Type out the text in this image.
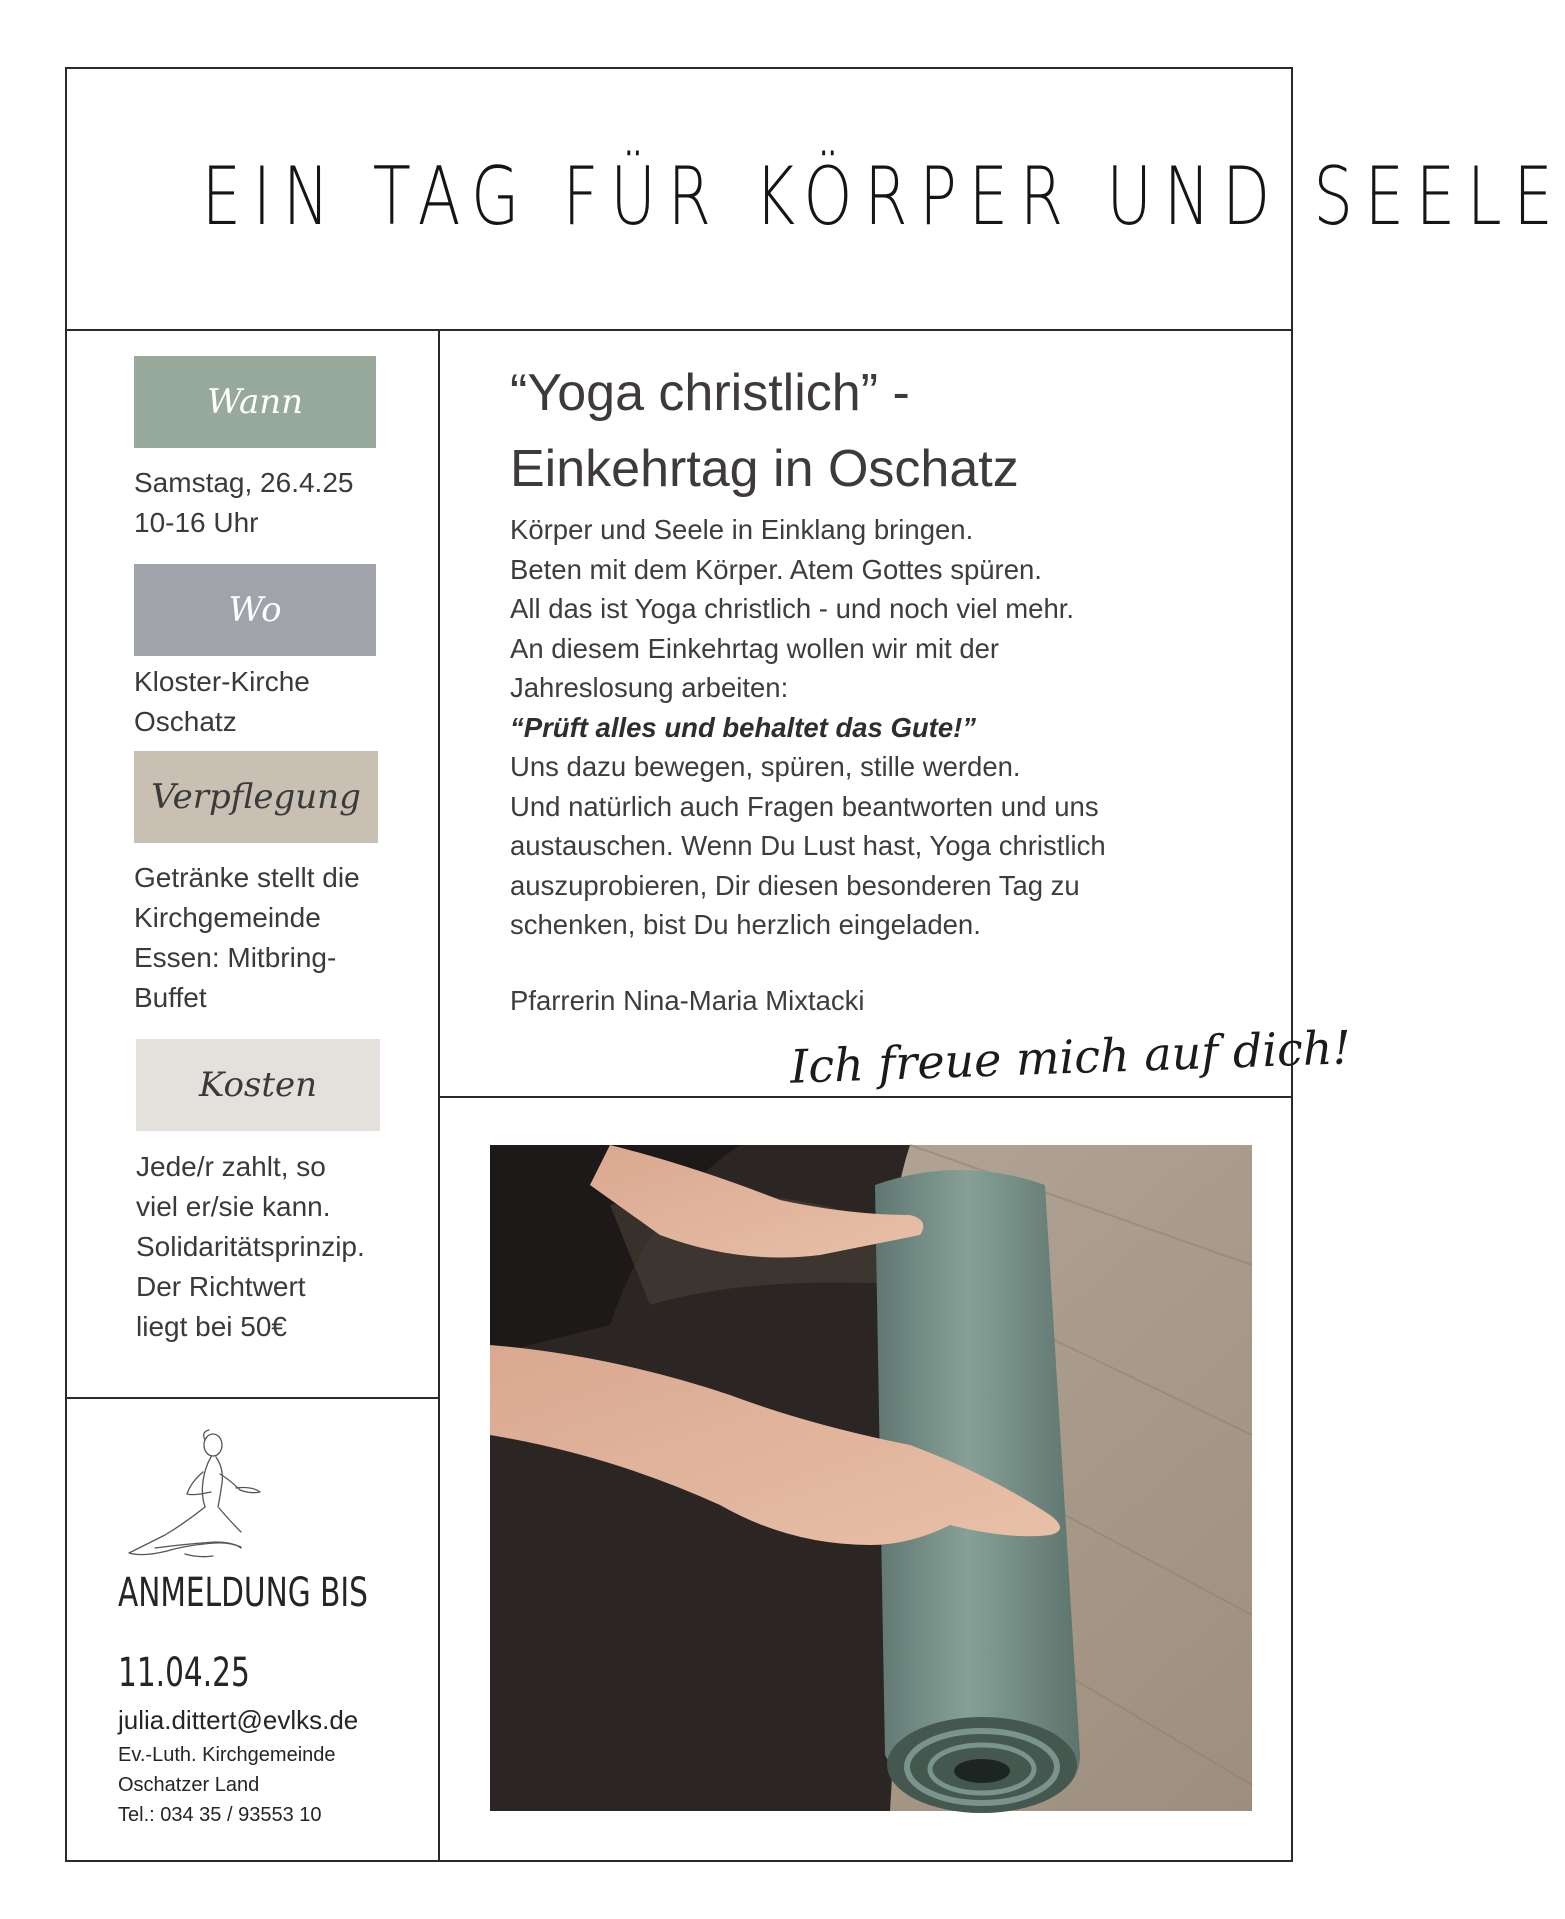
EIN TAG FÜR KÖRPER UND SEELE
Wann
Samstag, 26.4.25
10-16 Uhr
Wo
Kloster-Kirche
Oschatz
Verpflegung
Getränke stellt die
Kirchgemeinde
Essen: Mitbring-
Buffet
Kosten
Jede/r zahlt, so
viel er/sie kann.
Solidaritätsprinzip.
Der Richtwert
liegt bei 50€
“Yoga christlich” -
Einkehrtag in Oschatz

Körper und Seele in Einklang bringen.

Beten mit dem Körper. Atem Gottes spüren.

All das ist Yoga christlich - und noch viel mehr.

An diesem Einkehrtag wollen wir mit der

Jahreslosung arbeiten:

“Prüft alles und behaltet das Gute!”

Uns dazu bewegen, spüren, stille werden.

Und natürlich auch Fragen beantworten und uns

austauschen. Wenn Du Lust hast, Yoga christlich

auszuprobieren, Dir diesen besonderen Tag zu

schenken, bist Du herzlich eingeladen.

Pfarrerin Nina-Maria Mixtacki
Ich freue mich auf dich!
ANMELDUNG BIS
11.04.25
julia.dittert@evlks.de
Ev.-Luth. Kirchgemeinde
Oschatzer Land
Tel.: 034 35 / 93553 10
